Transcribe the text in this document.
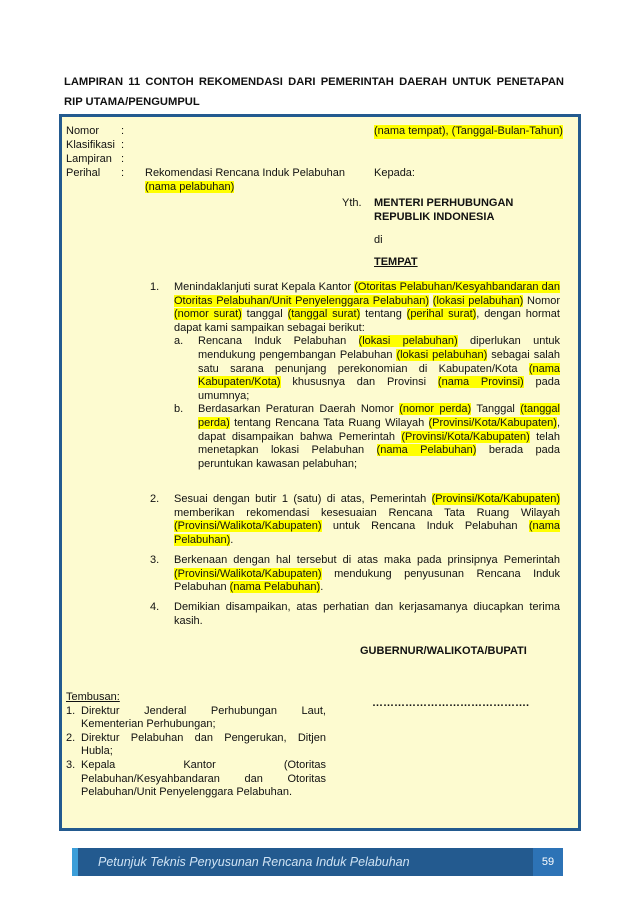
LAMPIRAN 11 CONTOH REKOMENDASI DARI PEMERINTAH DAERAH UNTUK PENETAPAN RIP UTAMA/PENGUMPUL
Nomor :
Klasifikasi :
Lampiran :
Perihal :	Rekomendasi Rencana Induk Pelabuhan (nama pelabuhan)
(nama tempat), (Tanggal-Bulan-Tahun)
Kepada:
Yth. MENTERI PERHUBUNGAN
REPUBLIK INDONESIA
di
TEMPAT
1. Menindaklanjuti surat Kepala Kantor (Otoritas Pelabuhan/Kesyahbandaran dan Otoritas Pelabuhan/Unit Penyelenggara Pelabuhan) (lokasi pelabuhan) Nomor (nomor surat) tanggal (tanggal surat) tentang (perihal surat), dengan hormat dapat kami sampaikan sebagai berikut:
a. Rencana Induk Pelabuhan (lokasi pelabuhan) diperlukan untuk mendukung pengembangan Pelabuhan (lokasi pelabuhan) sebagai salah satu sarana penunjang perekonomian di Kabupaten/Kota (nama Kabupaten/Kota) khususnya dan Provinsi (nama Provinsi) pada umumnya;
b. Berdasarkan Peraturan Daerah Nomor (nomor perda) Tanggal (tanggal perda) tentang Rencana Tata Ruang Wilayah (Provinsi/Kota/Kabupaten), dapat disampaikan bahwa Pemerintah (Provinsi/Kota/Kabupaten) telah menetapkan lokasi Pelabuhan (nama Pelabuhan) berada pada peruntukan kawasan pelabuhan;
2. Sesuai dengan butir 1 (satu) di atas, Pemerintah (Provinsi/Kota/Kabupaten) memberikan rekomendasi kesesuaian Rencana Tata Ruang Wilayah (Provinsi/Walikota/Kabupaten) untuk Rencana Induk Pelabuhan (nama Pelabuhan).
3. Berkenaan dengan hal tersebut di atas maka pada prinsipnya Pemerintah (Provinsi/Walikota/Kabupaten) mendukung penyusunan Rencana Induk Pelabuhan (nama Pelabuhan).
4. Demikian disampaikan, atas perhatian dan kerjasamanya diucapkan terima kasih.
GUBERNUR/WALIKOTA/BUPATI
…………………………………….
Tembusan:
1. Direktur Jenderal Perhubungan Laut, Kementerian Perhubungan;
2. Direktur Pelabuhan dan Pengerukan, Ditjen Hubla;
3. Kepala Kantor (Otoritas Pelabuhan/Kesyahbandaran dan Otoritas Pelabuhan/Unit Penyelenggara Pelabuhan.
Petunjuk Teknis Penyusunan Rencana Induk Pelabuhan	59
